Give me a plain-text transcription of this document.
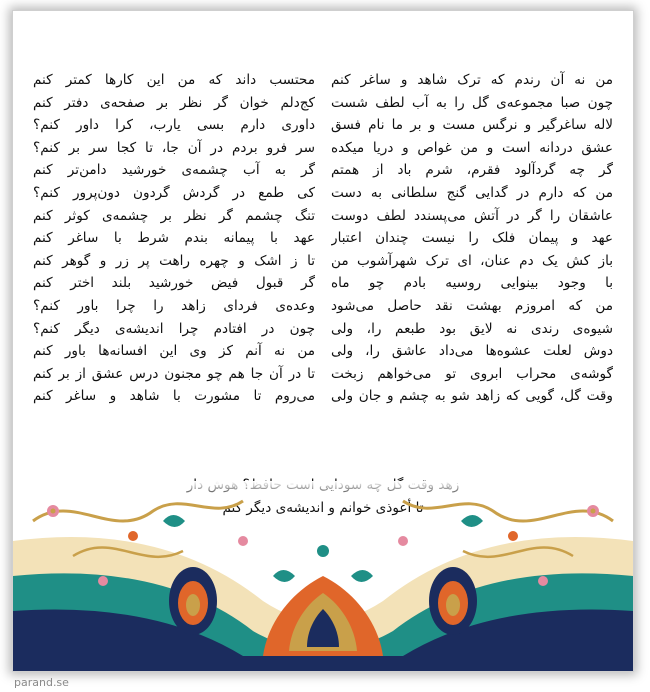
من نه آن رندم که ترک شاهد و ساغر کنم
چون صبا مجموعه‌ی گل را به آب لطف شست
لاله ساغرگیر و نرگس مست و بر ما نام فسق
عشق دردانه است و من غواص و دریا میکده
گر چه گردآلود فقرم، شرم باد از همتم
من که دارم در گدایی گنج سلطانی به دست
عاشقان را گر در آتش می‌پسندد لطف دوست
عهد و پیمان فلک را نیست چندان اعتبار
باز کش یک دم عنان، ای ترک شهرآشوب من
با وجود بینوایی روسیه بادم چو ماه
من که امروزم بهشت نقد حاصل می‌شود
شیوه‌ی رندی نه لایق بود طبعم را، ولی
دوش لعلت عشوه‌ها می‌داد عاشق را، ولی
گوشه‌ی محراب ابروی تو می‌خواهم زبخت
وقت گل، گویی که زاهد شو به چشم و جان ولی
محتسب داند که من این کارها کمتر کنم
کج‌دلم خوان گر نظر بر صفحه‌ی دفتر کنم
داوری دارم بسی یارب، کرا داور کنم؟
سر فرو بردم در آن جا، تا کجا سر بر کنم؟
گر به آب چشمه‌ی خورشید دامن‌تر کنم
کی طمع در گردش گردون دون‌پرور کنم؟
تنگ چشمم گر نظر بر چشمه‌ی کوثر کنم
عهد با پیمانه بندم شرط با ساغر کنم
تا ز اشک و چهره راهت پر زر و گوهر کنم
گر قبول فیض خورشید بلند اختر کنم
وعده‌ی فردای زاهد را چرا باور کنم؟
چون در افتادم چرا اندیشه‌ی دیگر کنم؟
من نه آنم کز وی این افسانه‌ها باور کنم
تا در آن جا هم چو مجنون درس عشق از بر کنم
می‌روم تا مشورت با شاهد و ساغر کنم
تا أعوذی خوانم و اندیشه‌ی دیگر کنم
parand.se
